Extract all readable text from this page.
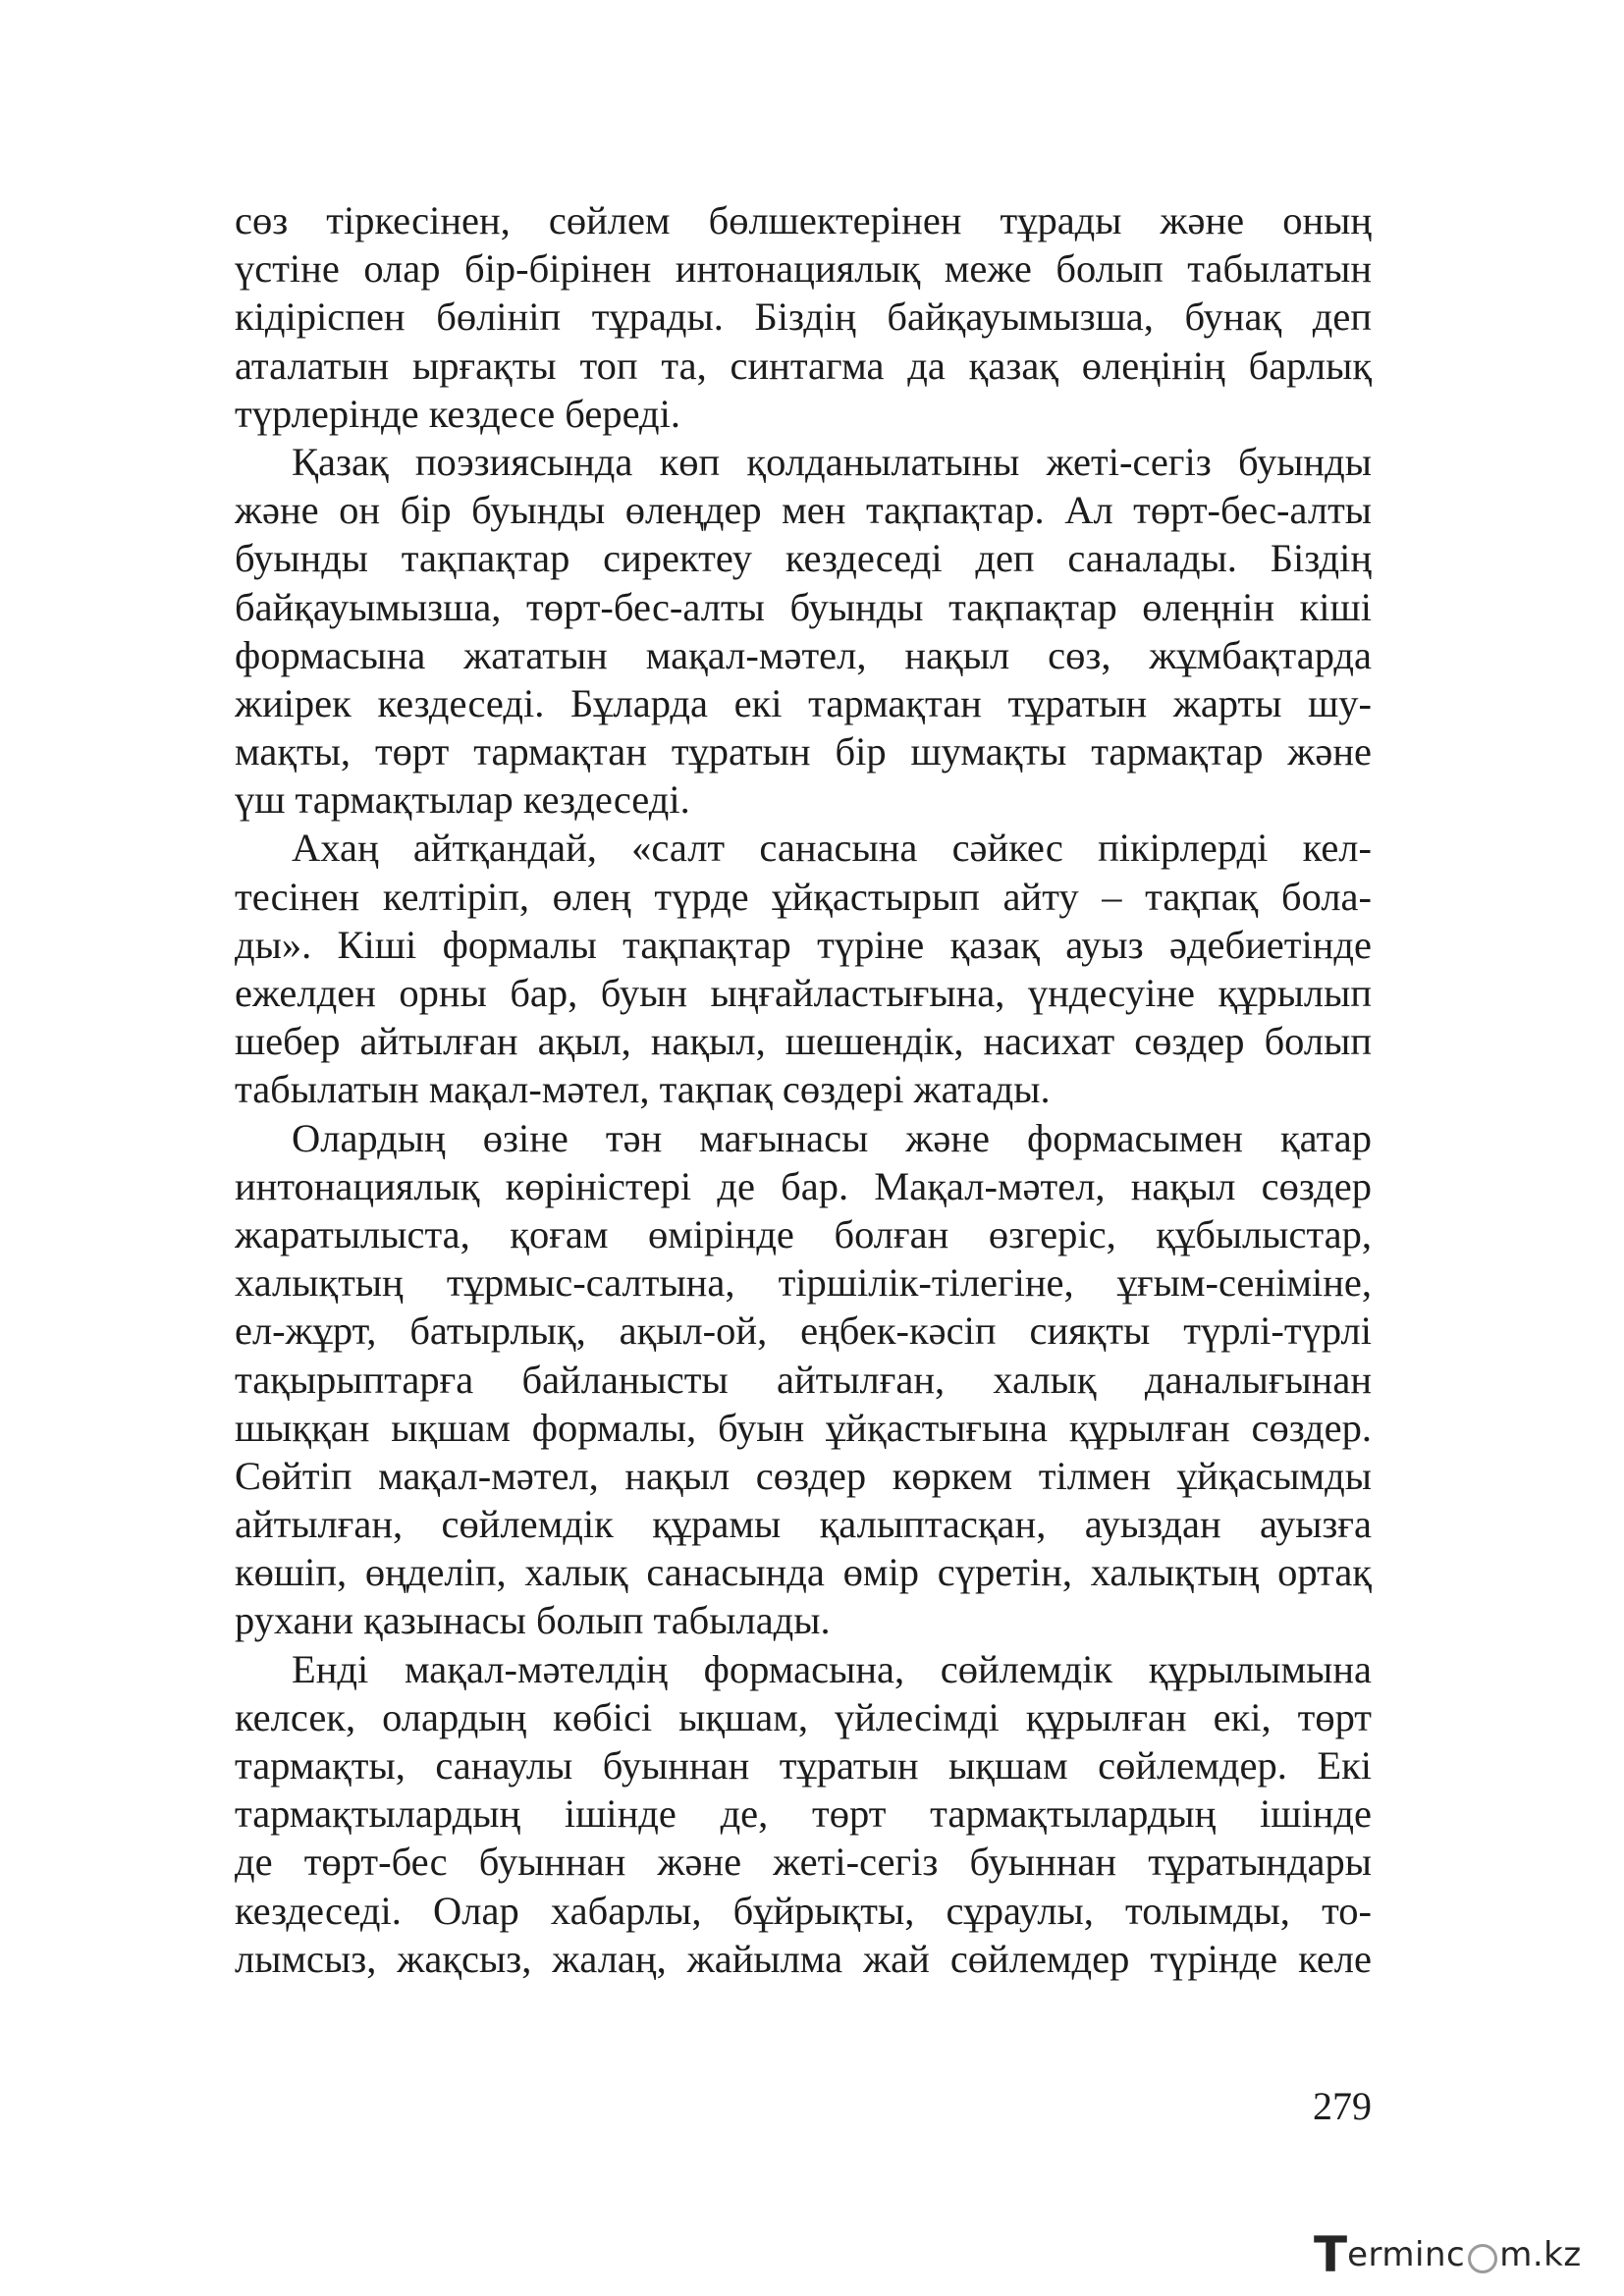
сөз тіркесінен, сөйлем бөлшектерінен тұрады және оның
үстіне олар бір-бірінен интонациялық меже болып табылатын
кідіріспен бөлініп тұрады. Біздің байқауымызша, бунақ деп
аталатын ырғақты топ та, синтагма да қазақ өлеңінің барлық
түрлерінде кездесе береді.
Қазақ поэзиясында көп қолданылатыны жеті-сегіз буынды
және он бір буынды өлеңдер мен тақпақтар. Ал төрт-бес-алты
буынды тақпақтар сиректеу кездеседі деп саналады. Біздің
байқауымызша, төрт-бес-алты буынды тақпақтар өлеңнін кіші
формасына жататын мақал-мәтел, нақыл сөз, жұмбақтарда
жиірек кездеседі. Бұларда екі тармақтан тұратын жарты шу-
мақты, төрт тармақтан тұратын бір шумақты тармақтар және
үш тармақтылар кездеседі.
Ахаң айтқандай, «салт санасына сәйкес пікірлерді кел-
тесінен келтіріп, өлең түрде ұйқастырып айту – тақпақ бола-
ды». Кіші формалы тақпақтар түріне қазақ ауыз әдебиетінде
ежелден орны бар, буын ыңғайластығына, үндесуіне құрылып
шебер айтылған ақыл, нақыл, шешендік, насихат сөздер болып
табылатын мақал-мәтел, тақпақ сөздері жатады.
Олардың өзіне тән мағынасы және формасымен қатар
интонациялық көріністері де бар. Мақал-мәтел, нақыл сөздер
жаратылыста, қоғам өмірінде болған өзгеріс, құбылыстар,
халықтың тұрмыс-салтына, тіршілік-тілегіне, ұғым-сеніміне,
ел-жұрт, батырлық, ақыл-ой, еңбек-кәсіп сияқты түрлі-түрлі
тақырыптарға байланысты айтылған, халық даналығынан
шыққан ықшам формалы, буын ұйқастығына құрылған сөздер.
Сөйтіп мақал-мәтел, нақыл сөздер көркем тілмен ұйқасымды
айтылған, сөйлемдік құрамы қалыптасқан, ауыздан ауызға
көшіп, өңделіп, халық санасында өмір сүретін, халықтың ортақ
рухани қазынасы болып табылады.
Енді мақал-мәтелдің формасына, сөйлемдік құрылымына
келсек, олардың көбісі ықшам, үйлесімді құрылған екі, төрт
тармақты, санаулы буыннан тұратын ықшам сөйлемдер. Екі
тармақтылардың ішінде де, төрт тармақтылардың ішінде
де төрт-бес буыннан және жеті-сегіз буыннан тұратындары
кездеседі. Олар хабарлы, бұйрықты, сұраулы, толымды, то-
лымсыз, жақсыз, жалаң, жайылма жай сөйлемдер түрінде келе
279
T erminc m.kz
